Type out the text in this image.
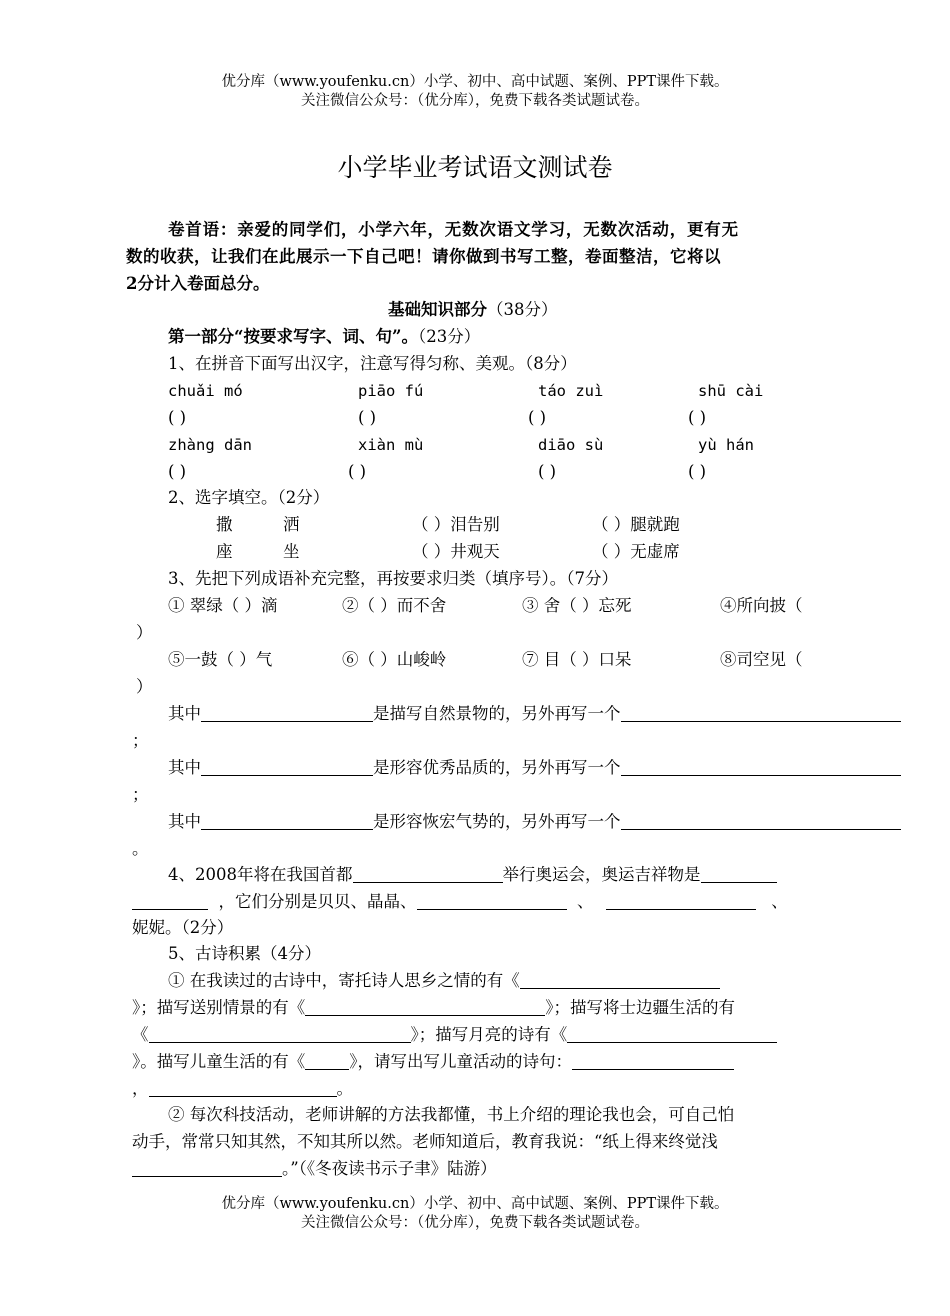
优分库（www.youfenku.cn）小学、初中、高中试题、案例、PPT课件下载。
关注微信公众号：（优分库），免费下载各类试题试卷。
小学毕业考试语文测试卷
卷首语：亲爱的同学们，小学六年，无数次语文学习，无数次活动，更有无
数的收获，让我们在此展示一下自己吧！请你做到书写工整，卷面整洁，它将以
2分计入卷面总分。
基础知识部分（38分）
第一部分“按要求写字、词、句”。（23分）
1、在拼音下面写出汉字，注意写得匀称、美观。（8分）
chuǎi mó	piāo fú	táo zuì	shū cài
( )	( )	( )	( )
zhàng dān	xiàn mù	diāo sù	yù hán
( )	( )	( )	( )
2、选字填空。（2分）
撒	洒	（ ）泪告别	（ ）腿就跑
座	坐	（ ）井观天	（ ）无虚席
3、先把下列成语补充完整，再按要求归类（填序号）。（7分）
① 翠绿（ ）滴	②（ ）而不舍	③ 舍（ ）忘死	④所向披（
）
⑤一鼓（ ）气	⑥（ ）山峻岭	⑦ 目（ ）口呆	⑧司空见（
）
其中	是描写自然景物的，另外再写一个
；
其中	是形容优秀品质的，另外再写一个
；
其中	是形容恢宏气势的，另外再写一个
。
4、2008年将在我国首都	举行奥运会，奥运吉祥物是
，它们分别是贝贝、晶晶、	、	、
妮妮。（2分）
5、古诗积累（4分）
① 在我读过的古诗中，寄托诗人思乡之情的有《
》；描写送别情景的有《	》；描写将士边疆生活的有
《	》；描写月亮的诗有《
》。描写儿童生活的有《	》，请写出写儿童活动的诗句：
，	。
② 每次科技活动，老师讲解的方法我都懂，书上介绍的理论我也会，可自己怕
动手，常常只知其然，不知其所以然。老师知道后，教育我说：“纸上得来终觉浅
。”（《冬夜读书示子聿》陆游）
优分库（www.youfenku.cn）小学、初中、高中试题、案例、PPT课件下载。
关注微信公众号：（优分库），免费下载各类试题试卷。
